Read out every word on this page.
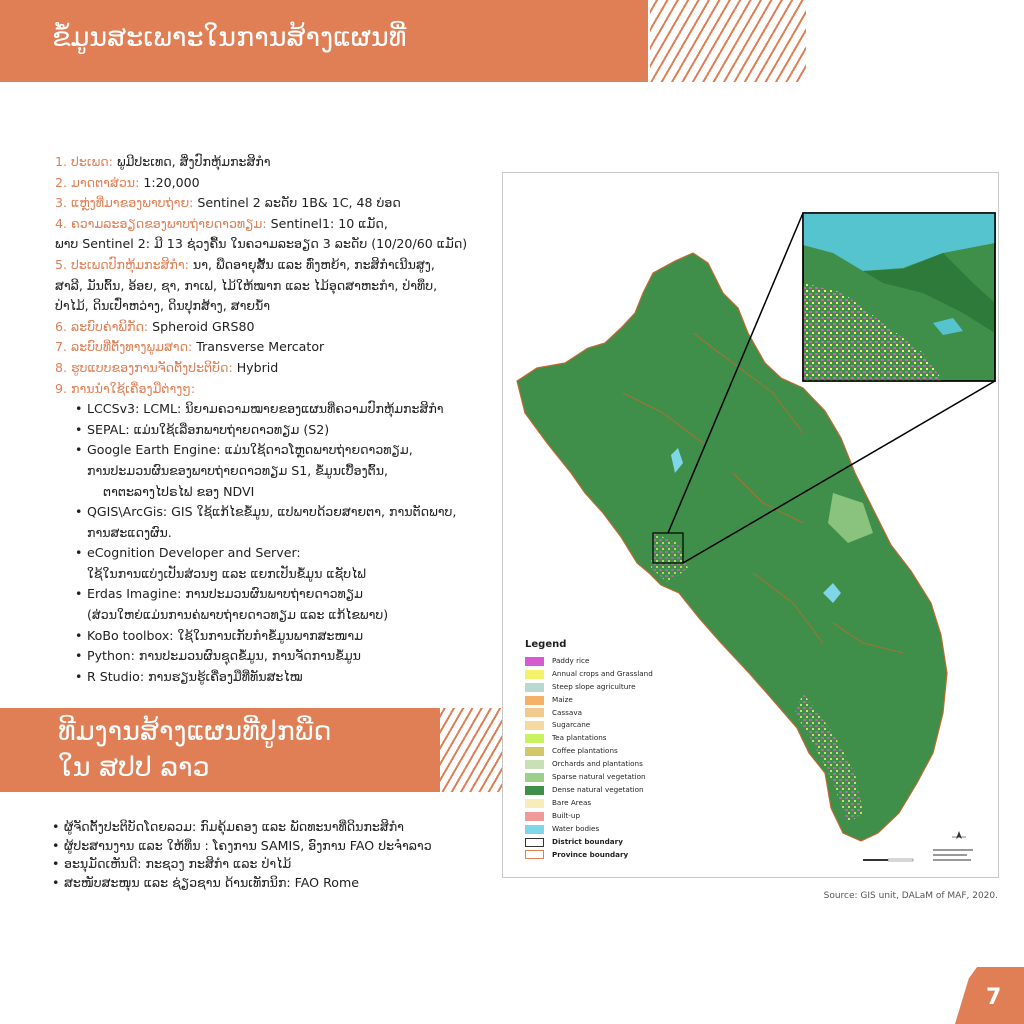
ຂໍ້ມູນສະເພາະໃນການສ້າງແຜນທີ່
1. ປະເພດ: ພູມີປະເທດ, ສິ່ງປົກຫຸ້ມກະສິກໍາ
2. ມາດຕາສ່ວນ: 1:20,000
3. ແຫຼ່ງທີ່ມາຂອງພາບຖ່າຍ: Sentinel 2 ລະດັບ 1B& 1C, 48 ບ່ອດ
4. ຄວາມລະອຽດຂອງພາບຖ່າຍດາວທຽມ: Sentinel1: 10 ແມັດ,
ພາບ Sentinel 2: ມີ 13 ຊ່ວງຄື້ນ ໃນຄວາມລະອຽດ 3 ລະດັບ (10/20/60 ແມັດ)
5. ປະເພດປົກຫຸ້ມກະສິກໍາ: ນາ, ພືດອາຍຸສັ້ນ ແລະ ທົ່ງຫຍ້າ, ກະສິກໍາເນີນສູງ,
ສາລີ, ມັນຕົ້ນ, ອ້ອຍ, ຊາ, ກາເຟ, ໄມ້ໃຫ້ໝາກ ແລະ ໄມ້ອຸດສາຫະກໍາ, ປ່າທຶບ,
ປ່າໄມ້, ດິນເປົ່າຫວ່າງ, ດິນປຸກສ້າງ, ສາຍນໍ້າ
6. ລະບົບຄ່າພິກັດ: Spheroid GRS80
7. ລະບົບທີ່ຕັ້ງທາງພູມສາດ: Transverse Mercator
8. ຮູບແບບຂອງການຈັດຕັ້ງປະຕິບັດ: Hybrid
9. ການນໍາໃຊ້ເຄື່ອງມືຕ່າງໆ:
• LCCSv3: LCML: ນິຍາມຄວາມໝາຍຂອງແຜນທີ່ຄວາມປົກຫຸ້ມກະສິກໍາ
• SEPAL: ແມ່ນໃຊ້ເລືອກພາບຖ່າຍດາວທຽມ (S2)
• Google Earth Engine: ແມ່ນໃຊ້ດາວໂຫຼດພາບຖ່າຍດາວທຽມ,
ການປະມວນຜົນຂອງພາບຖ່າຍດາວທຽມ S1, ຂໍ້ມູນເບື້ອງຕົ້ນ,
ຕາຕະລາງໄປຣໄຟ ຂອງ NDVI
• QGIS\ArcGis: GIS ໃຊ້ແກ້ໄຂຂໍ້ມູນ, ແປພາບດ້ວຍສາຍຕາ, ການຕັດພາບ,
ການສະແດງຜົນ.
• eCognition Developer and Server:
ໃຊ້ໃນການແບ່ງເປັນສ່ວນໆ ແລະ ແຍກເປັນຂໍ້ມູນ ແຊັບໄຟ
• Erdas Imagine: ການປະມວນຜົນພາບຖ່າຍດາວທຽມ
(ສ່ວນໃຫຍ່ແມ່ນການຄ່ພາບຖ່າຍດາວທຽມ ແລະ ແກ້ໄຂພາບ)
• KoBo toolbox: ໃຊ້ໃນການເກັບກໍາຂໍ້ມູນພາກສະໜາມ
• Python: ການປະມວນຜົນຊຸດຂໍ້ມູນ, ການຈັດການຂໍ້ມູນ
• R Studio: ການຮຽນຮູ້ເຄື່ອງມືທີ່ທັນສະໄໝ
ທີມງານສ້າງແຜນທີ່ປູກພືດ
ໃນ ສປປ ລາວ
• ຜູ້ຈັດຕັ້ງປະຕິບັດໂດຍລວມ: ກົມຄຸ້ມຄອງ ແລະ ພັດທະນາທີ່ດິນກະສິກໍາ
• ຜູ້ປະສານງານ ແລະ ໃຫ້ທຶນ : ໂຄງການ SAMIS, ອົງການ FAO ປະຈໍາລາວ
• ອະນຸມັດເຫັນດີ: ກະຊວງ ກະສິກໍາ ແລະ ປ່າໄມ້
• ສະໜັບສະໜຸນ ແລະ ຊ່ຽວຊານ ດ້ານເທັກນິກ: FAO Rome
Legend
Paddy rice
Annual crops and Grassland
Steep slope agriculture
Maize
Cassava
Sugarcane
Tea plantations
Coffee plantations
Orchards and plantations
Sparse natural vegetation
Dense natural vegetation
Bare Areas
Built-up
Water bodies
District boundary
Province boundary
Source: GIS unit, DALaM of MAF, 2020.
7
